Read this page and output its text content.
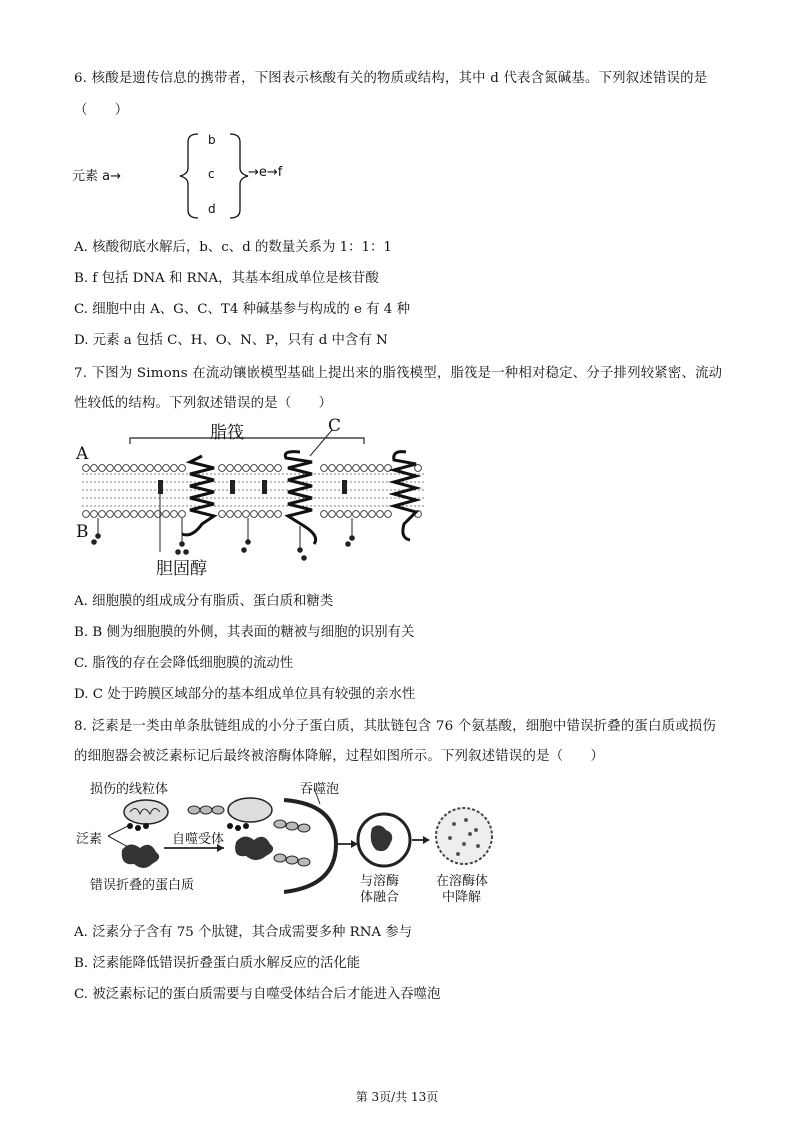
6. 核酸是遗传信息的携带者，下图表示核酸有关的物质或结构，其中 d 代表含氮碱基。下列叙述错误的是
（　　）
元素 a→
b
c
d
→e→f
A. 核酸彻底水解后，b、c、d 的数量关系为 1：1：1
B. f 包括 DNA 和 RNA，其基本组成单位是核苷酸
C. 细胞中由 A、G、C、T4 种碱基参与构成的 e 有 4 种
D. 元素 a 包括 C、H、O、N、P，只有 d 中含有 N
7. 下图为 Simons 在流动镶嵌模型基础上提出来的脂筏模型，脂筏是一种相对稳定、分子排列较紧密、流动
性较低的结构。下列叙述错误的是（　　）
脂筏	C
A
B
胆固醇
A. 细胞膜的组成成分有脂质、蛋白质和糖类
B. B 侧为细胞膜的外侧，其表面的糖被与细胞的识别有关
C. 脂筏的存在会降低细胞膜的流动性
D. C 处于跨膜区域部分的基本组成单位具有较强的亲水性
8. 泛素是一类由单条肽链组成的小分子蛋白质，其肽链包含 76 个氨基酸，细胞中错误折叠的蛋白质或损伤
的细胞器会被泛素标记后最终被溶酶体降解，过程如图所示。下列叙述错误的是（　　）
损伤的线粒体
泛素	自噬受体
错误折叠的蛋白质
吞噬泡
与溶酶
体融合
在溶酶体
中降解
A. 泛素分子含有 75 个肽键，其合成需要多种 RNA 参与
B. 泛素能降低错误折叠蛋白质水解反应的活化能
C. 被泛素标记的蛋白质需要与自噬受体结合后才能进入吞噬泡
第 3页/共 13页
